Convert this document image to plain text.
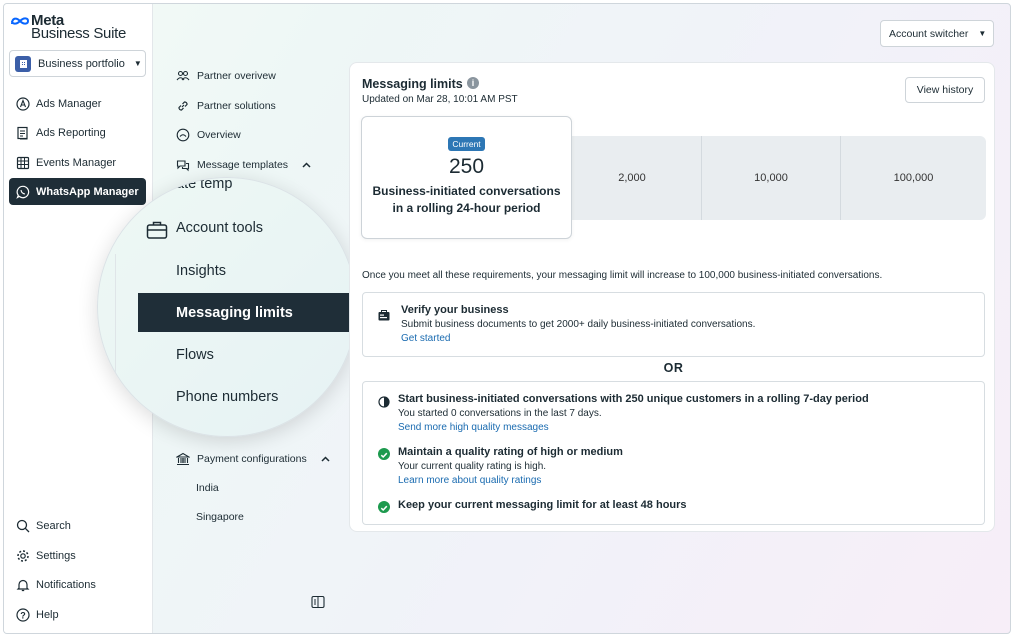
Meta
Business Suite
Business portfolio ▼
Ads Manager
Ads Reporting
Events Manager
WhatsApp Manager
Search
Settings
Notifications
? Help
Partner overivew
Partner solutions
Overview
Message templates
Payment configurations
India
Singapore
ate temp
Account tools
Insights
Messaging limits
Flows
Phone numbers
Account switcher ▼
Messaging limits	i
Updated on Mar 28, 10:01 AM PST
View history
2,000	10,000	100,000
Current
250
Business-initiated conversations
in a rolling 24-hour period
Once you meet all these requirements, your messaging limit will increase to 100,000 business-initiated conversations.
Verify your business
Submit business documents to get 2000+ daily business-initiated conversations.
Get started
OR
Start business-initiated conversations with 250 unique customers in a rolling 7-day period
You started 0 conversations in the last 7 days.
Send more high quality messages
Maintain a quality rating of high or medium
Your current quality rating is high.
Learn more about quality ratings
Keep your current messaging limit for at least 48 hours
